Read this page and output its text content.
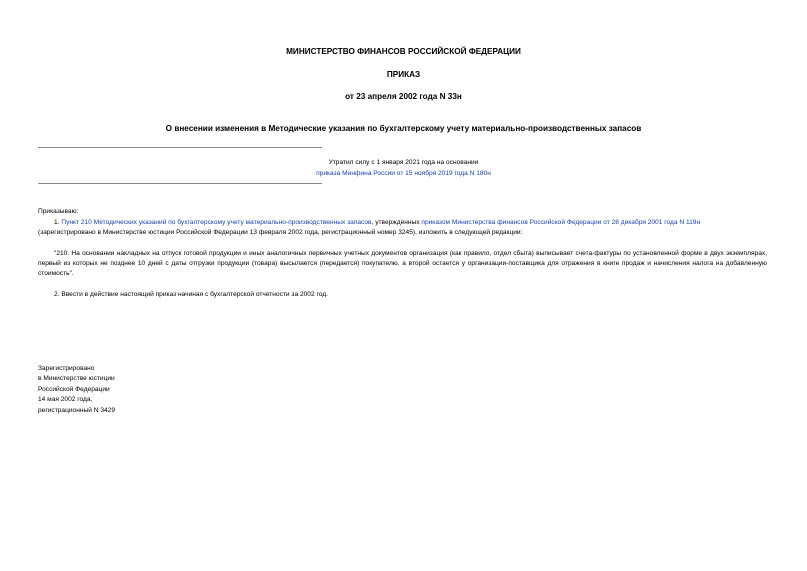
МИНИСТЕРСТВО ФИНАНСОВ РОССИЙСКОЙ ФЕДЕРАЦИИ
ПРИКАЗ
от 23 апреля 2002 года N 33н
О внесении изменения в Методические указания по бухгалтерскому учету материально-производственных запасов
Утратил силу с 1 января 2021 года на основании
приказа Минфина России от 15 ноября 2019 года N 180н
Приказываю:
1. Пункт 210 Методических указаний по бухгалтерскому учету материально-производственных запасов, утвержденных приказом Министерства финансов Российской Федерации от 28 декабря 2001 года N 119н
(зарегистрировано в Министерстве юстиции Российской Федерации 13 февраля 2002 года, регистрационный номер 3245), изложить в следующей редакции:
"210. На основании накладных на отпуск готовой продукции и иных аналогичных первичных учетных документов организация (как правило, отдел сбыта) выписывает счета-фактуры по установленной форме в двух экземплярах, первый из которых не позднее 10 дней с даты отгрузки продукции (товара) высылается (передается) покупателю, а второй остается у организации-поставщика для отражения в книге продаж и начисления налога на добавленную стоимость".
2. Ввести в действие настоящий приказ начиная с бухгалтерской отчетности за 2002 год.
Зарегистрировано
в Министерстве юстиции
Российской Федерации
14 мая 2002 года,
регистрационный N 3429
